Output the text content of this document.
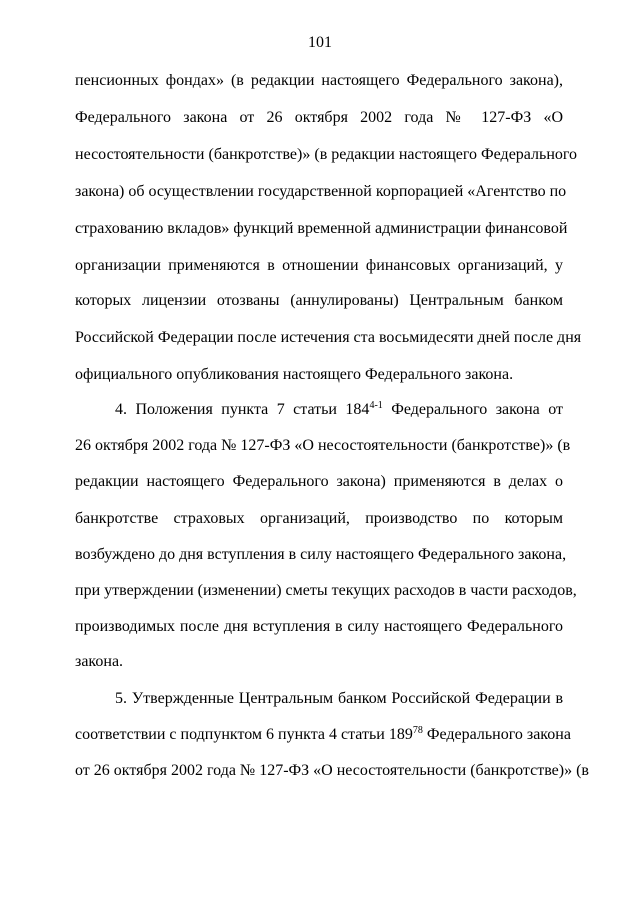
101
пенсионных фондах» (в редакции настоящего Федерального закона),
Федерального закона от 26 октября 2002 года № 127-ФЗ «О
несостоятельности (банкротстве)» (в редакции настоящего Федерального
закона) об осуществлении государственной корпорацией «Агентство по
страхованию вкладов» функций временной администрации финансовой
организации применяются в отношении финансовых организаций, у
которых лицензии отозваны (аннулированы) Центральным банком
Российской Федерации после истечения ста восьмидесяти дней после дня
официального опубликования настоящего Федерального закона.
4. Положения пункта 7 статьи 184$^{4-1}$ Федерального закона от
26 октября 2002 года № 127-ФЗ «О несостоятельности (банкротстве)» (в
редакции настоящего Федерального закона) применяются в делах о
банкротстве страховых организаций, производство по которым
возбуждено до дня вступления в силу настоящего Федерального закона,
при утверждении (изменении) сметы текущих расходов в части расходов,
производимых после дня вступления в силу настоящего Федерального
закона.
5. Утвержденные Центральным банком Российской Федерации в
соответствии с подпунктом 6 пункта 4 статьи $189^{78}$ Федерального закона
от 26 октября 2002 года № 127-ФЗ «О несостоятельности (банкротстве)» (в
